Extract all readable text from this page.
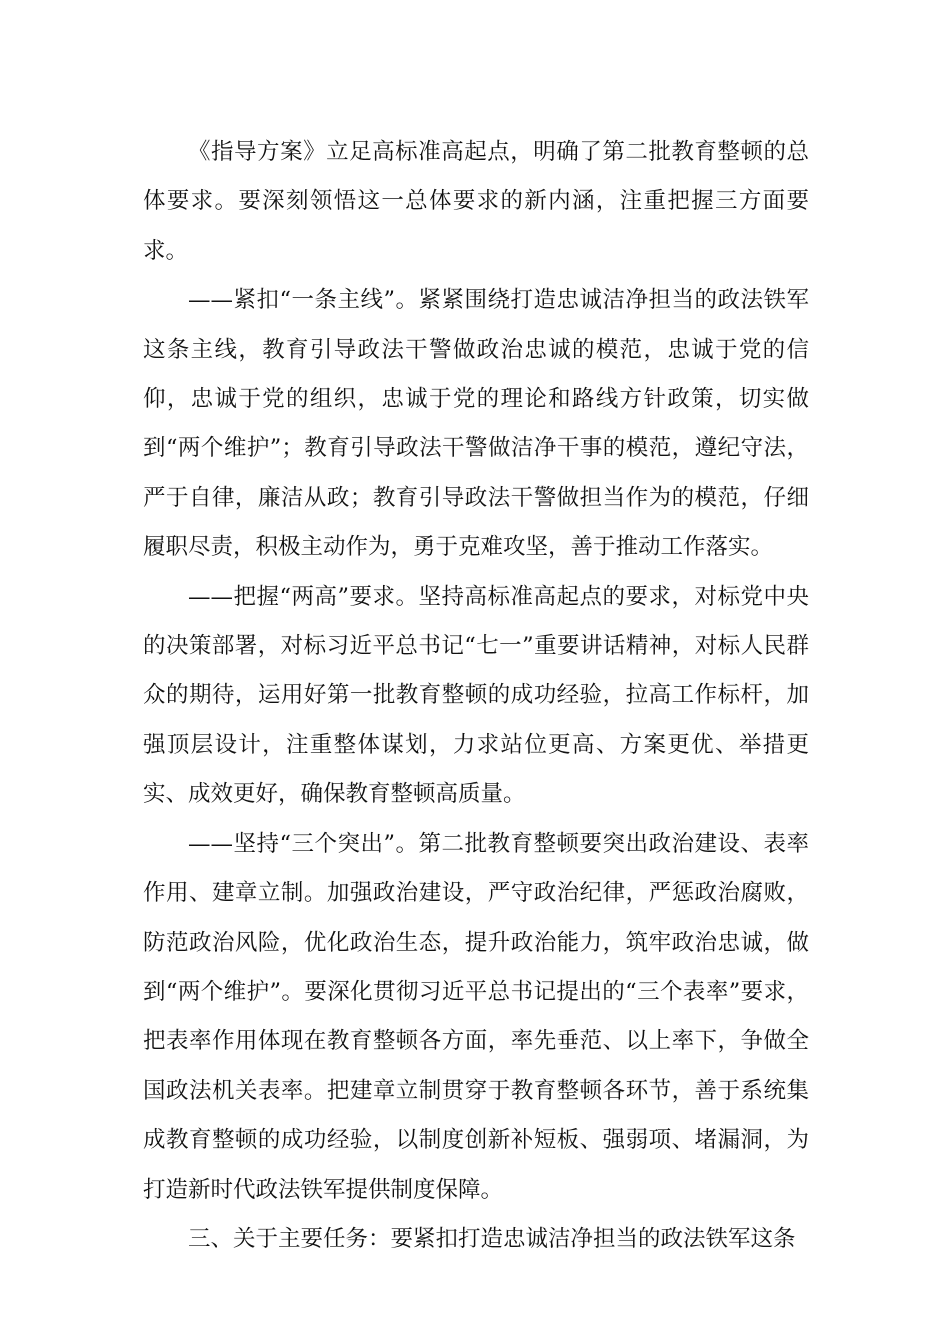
《指导方案》立足高标准高起点，明确了第二批教育整顿的总体要求。要深刻领悟这一总体要求的新内涵，注重把握三方面要求。

——紧扣“一条主线”。紧紧围绕打造忠诚洁净担当的政法铁军这条主线，教育引导政法干警做政治忠诚的模范，忠诚于党的信仰，忠诚于党的组织，忠诚于党的理论和路线方针政策，切实做到“两个维护”；教育引导政法干警做洁净干事的模范，遵纪守法，严于自律，廉洁从政；教育引导政法干警做担当作为的模范，仔细履职尽责，积极主动作为，勇于克难攻坚，善于推动工作落实。

——把握“两高”要求。坚持高标准高起点的要求，对标党中央的决策部署，对标习近平总书记“七一”重要讲话精神，对标人民群众的期待，运用好第一批教育整顿的成功经验，拉高工作标杆，加强顶层设计，注重整体谋划，力求站位更高、方案更优、举措更实、成效更好，确保教育整顿高质量。

——坚持“三个突出”。第二批教育整顿要突出政治建设、表率作用、建章立制。加强政治建设，严守政治纪律，严惩政治腐败，防范政治风险，优化政治生态，提升政治能力，筑牢政治忠诚，做到“两个维护”。要深化贯彻习近平总书记提出的“三个表率”要求，把表率作用体现在教育整顿各方面，率先垂范、以上率下，争做全国政法机关表率。把建章立制贯穿于教育整顿各环节，善于系统集成教育整顿的成功经验，以制度创新补短板、强弱项、堵漏洞，为打造新时代政法铁军提供制度保障。

三、关于主要任务：要紧扣打造忠诚洁净担当的政法铁军这条
